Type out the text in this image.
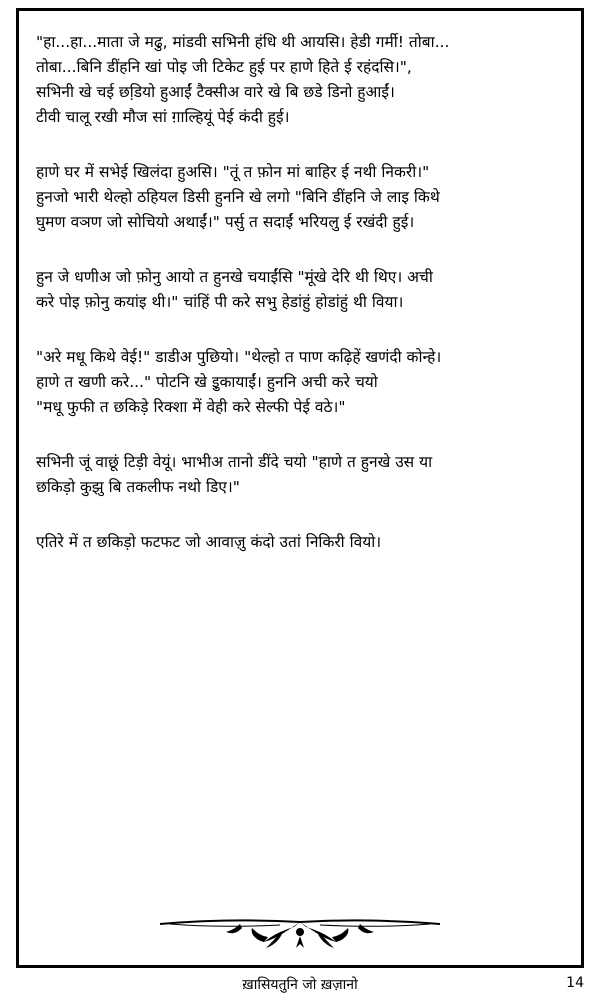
"हा...हा...माता जे मढु, मांडवी सभिनी हंधि थी आयसि। हेडी गर्मी! तोबा...
तोबा...बिनि डींहनि खां पोइ जी टिकेट हुई पर हाणे हिते ई रहंदसि।",
सभिनी खे चई छडि़यो हुआईं टैक्सीअ वारे खे बि छडे डिनो हुआईं।
टीवी चालू रखी मौज सां ग़ाल्हियूं पेई कंदी हुई।

हाणे घर में सभेई खिलंदा हुअसि। "तूं त फ़ोन मां बाहिर ई नथी निकरी।"
हुनजो भारी थेल्हो ठहियल डिसी हुननि खे लगो "बिनि डींहनि जे लाइ किथे
घुमण वञण जो सोचियो अथाईं।" पर्सु त सदाईं भरियलु ई रखंदी हुई।

हुन जे धणीअ जो फ़ोनु आयो त हुनखे चयाईंसि "मूंखे देरि थी थिए। अची
करे पोइ फ़ोनु कयांइ थी।" चांहिं पी करे सभु हेडांहुं होडांहुं थी विया।

"अरे मधू किथे वेई!" डाडीअ पुछियो। "थेल्हो त पाण कढ़िहें खणंदी कोन्हे।
हाणे त खणी करे..." पोटनि खे इुकायाईं। हुननि अची करे चयो
"मधू फुफी त छकिड़े रिक्शा में वेही करे सेल्फी पेई वठे।"

सभिनी जूं वाछूं टिड़ी वेयूं। भाभीअ तानो डींदे चयो "हाणे त हुनखे उस या
छकिड़ो कुझु बि तकलीफ नथो डिए।"

एतिरे में त छकिड़ो फटफट जो आवाज़ु कंदो उतां निकिरी वियो।

ख़ासियतुनि जो ख़ज़ानो	14
